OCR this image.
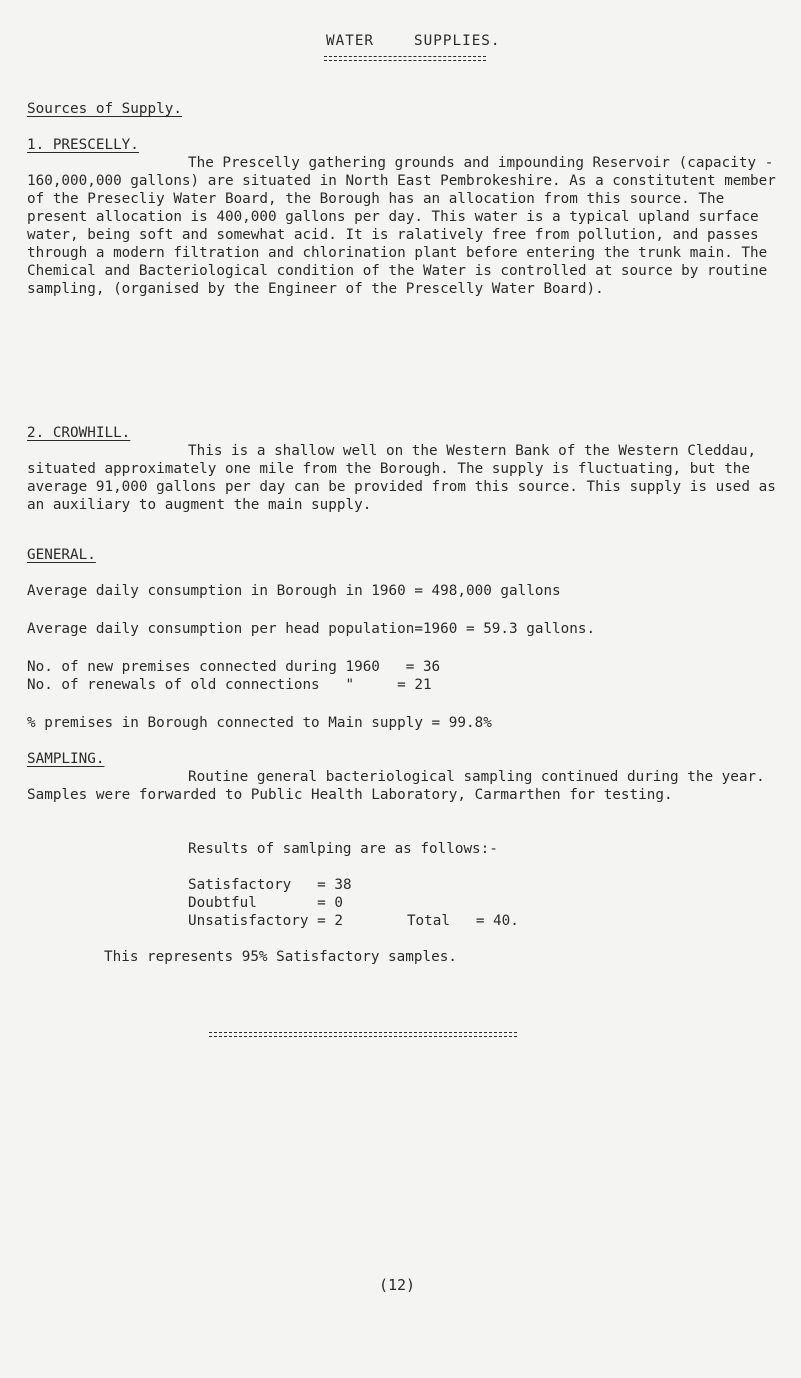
WATER	SUPPLIES.
Sources of Supply.
1. PRESCELLY.

The Prescelly gathering grounds and impounding Reservoir (capacity - 160,000,000 gallons) are situated in North East Pembrokeshire. As a constitutent member of the Presecliy Water Board, the Borough has an allocation from this source. The present allocation is 400,000 gallons per day. This water is a typical upland surface water, being soft and somewhat acid. It is ralatively free from pollution, and passes through a modern filtration and chlorination plant before entering the trunk main. The Chemical and Bacteriological condition of the Water is controlled at source by routine sampling, (organised by the Engineer of the Prescelly Water Board).

2. CROWHILL.

This is a shallow well on the Western Bank of the Western Cleddau, situated approximately one mile from the Borough. The supply is fluctuating, but the average 91,000 gallons per day can be provided from this source. This supply is used as an auxiliary to augment the main supply.

GENERAL.
Average daily consumption in Borough in 1960 = 498,000 gallons
Average daily consumption per head population=1960 = 59.3 gallons.
No. of new premises connected during 1960   = 36
No. of renewals of old connections   "     = 21
% premises in Borough connected to Main supply = 99.8%
SAMPLING.

Routine general bacteriological sampling continued during the year. Samples were forwarded to Public Health Laboratory, Carmarthen for testing.

Results of samlping are as follows:-
Satisfactory   = 38
Doubtful       = 0
Unsatisfactory = 2	Total   = 40.
This represents 95% Satisfactory samples.
(12)
